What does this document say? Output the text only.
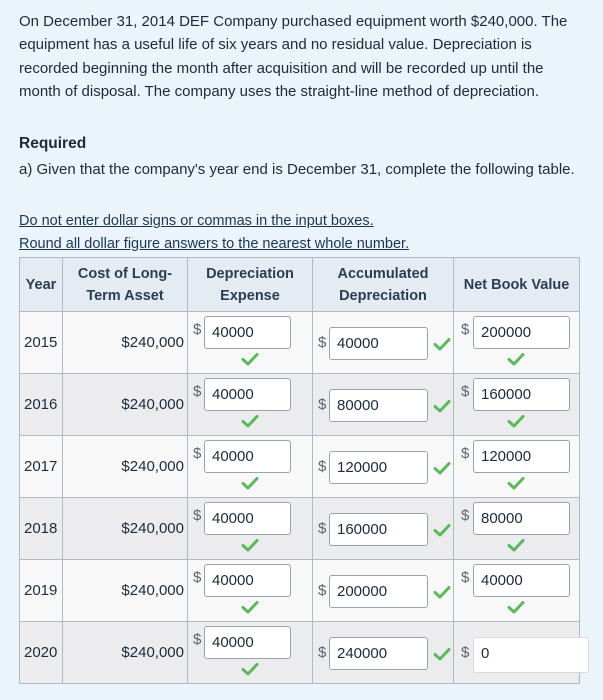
On December 31, 2014 DEF Company purchased equipment worth $240,000. The equipment has a useful life of six years and no residual value. Depreciation is recorded beginning the month after acquisition and will be recorded up until the month of disposal. The company uses the straight-line method of depreciation.
Required
a) Given that the company's year end is December 31, complete the following table.
Do not enter dollar signs or commas in the input boxes.
Round all dollar figure answers to the nearest whole number.
Year	Cost of Long-Term Asset	Depreciation Expense	Accumulated Depreciation	Net Book Value
2015	$240,000	$ 40000	$ 40000	$ 200000

2016	$240,000	$ 40000	$ 80000	$ 160000

2017	$240,000	$ 40000	$ 120000	$ 120000

2018	$240,000	$ 40000	$ 160000	$ 80000

2019	$240,000	$ 40000	$ 200000	$ 40000

2020	$240,000	$ 40000	$ 240000	$ 0
